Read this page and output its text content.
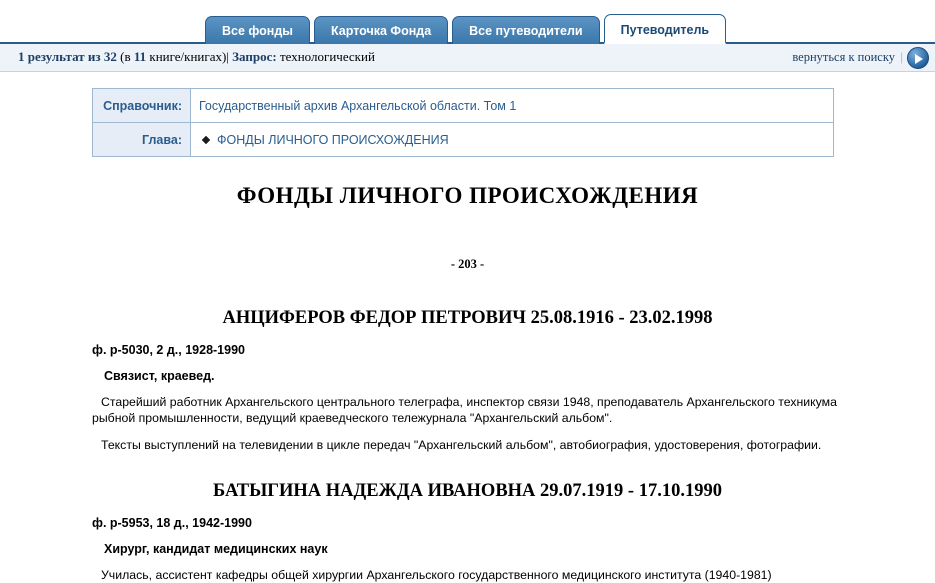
Все фонды	Карточка Фонда	Все путеводители	Путеводитель
1 результат из 32 (в 11 книге/книгах)| Запрос: технологический	вернуться к поиску |
Справочник:	Государственный архив Архангельской области. Том 1
Глава:	ФОНДЫ ЛИЧНОГО ПРОИСХОЖДЕНИЯ
ФОНДЫ ЛИЧНОГО ПРОИСХОЖДЕНИЯ
- 203 -
АНЦИФЕРОВ ФЕДОР ПЕТРОВИЧ 25.08.1916 - 23.02.1998
ф. р-5030, 2 д., 1928-1990
Связист, краевед.

Старейший работник Архангельского центрального телеграфа, инспектор связи 1948, преподаватель Архангельского техникума рыбной промышленности, ведущий краеведческого тележурнала "Архангельский альбом".

Тексты выступлений на телевидении в цикле передач "Архангельский альбом", автобиография, удостоверения, фотографии.

БАТЫГИНА НАДЕЖДА ИВАНОВНА 29.07.1919 - 17.10.1990
ф. р-5953, 18 д., 1942-1990
Хирург, кандидат медицинских наук

Училась, ассистент кафедры общей хирургии Архангельского государственного медицинского института (1940-1981)
